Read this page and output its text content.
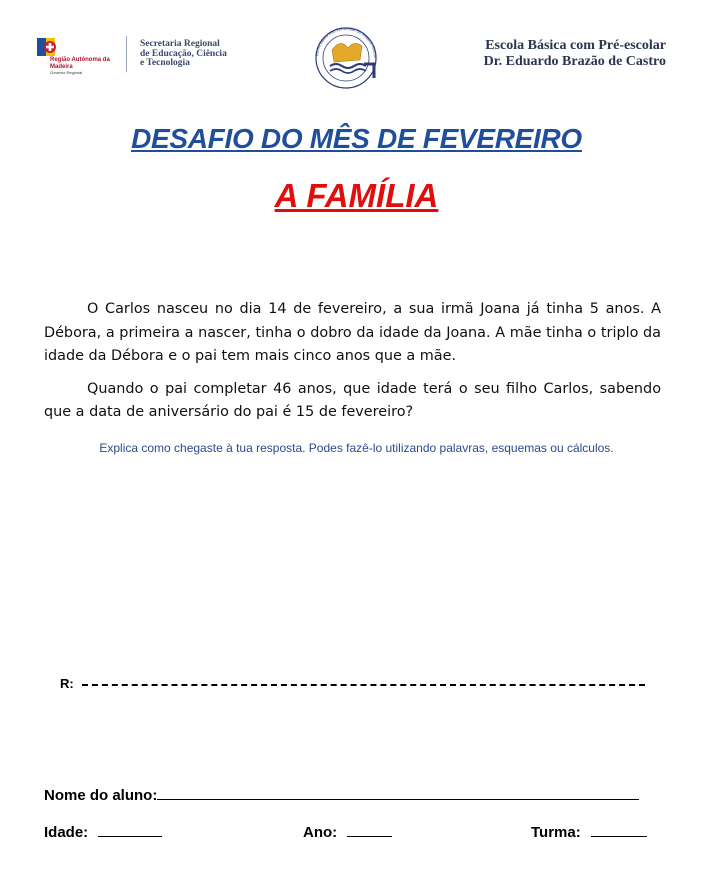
Região Autónoma da Madeira
Governo Regional
Secretaria Regional
de Educação, Ciência
e Tecnologia
Escola Básica com Pré-escolar Dr. Eduardo Brazão
Escola Básica com Pré-escolar
Dr. Eduardo Brazão de Castro
DESAFIO DO MÊS DE FEVEREIRO
A FAMÍLIA

O Carlos nasceu no dia 14 de fevereiro, a sua irmã Joana já tinha 5 anos. A Débora, a primeira a nascer, tinha o dobro da idade da Joana. A mãe tinha o triplo da idade da Débora e o pai tem mais cinco anos que a mãe.

Quando o pai completar 46 anos, que idade terá o seu filho Carlos, sabendo que a data de aniversário do pai é 15 de fevereiro?

Explica como chegaste à tua resposta. Podes fazê-lo utilizando palavras, esquemas ou cálculos.
R:
Nome do aluno:
Idade:	Ano:	Turma:
